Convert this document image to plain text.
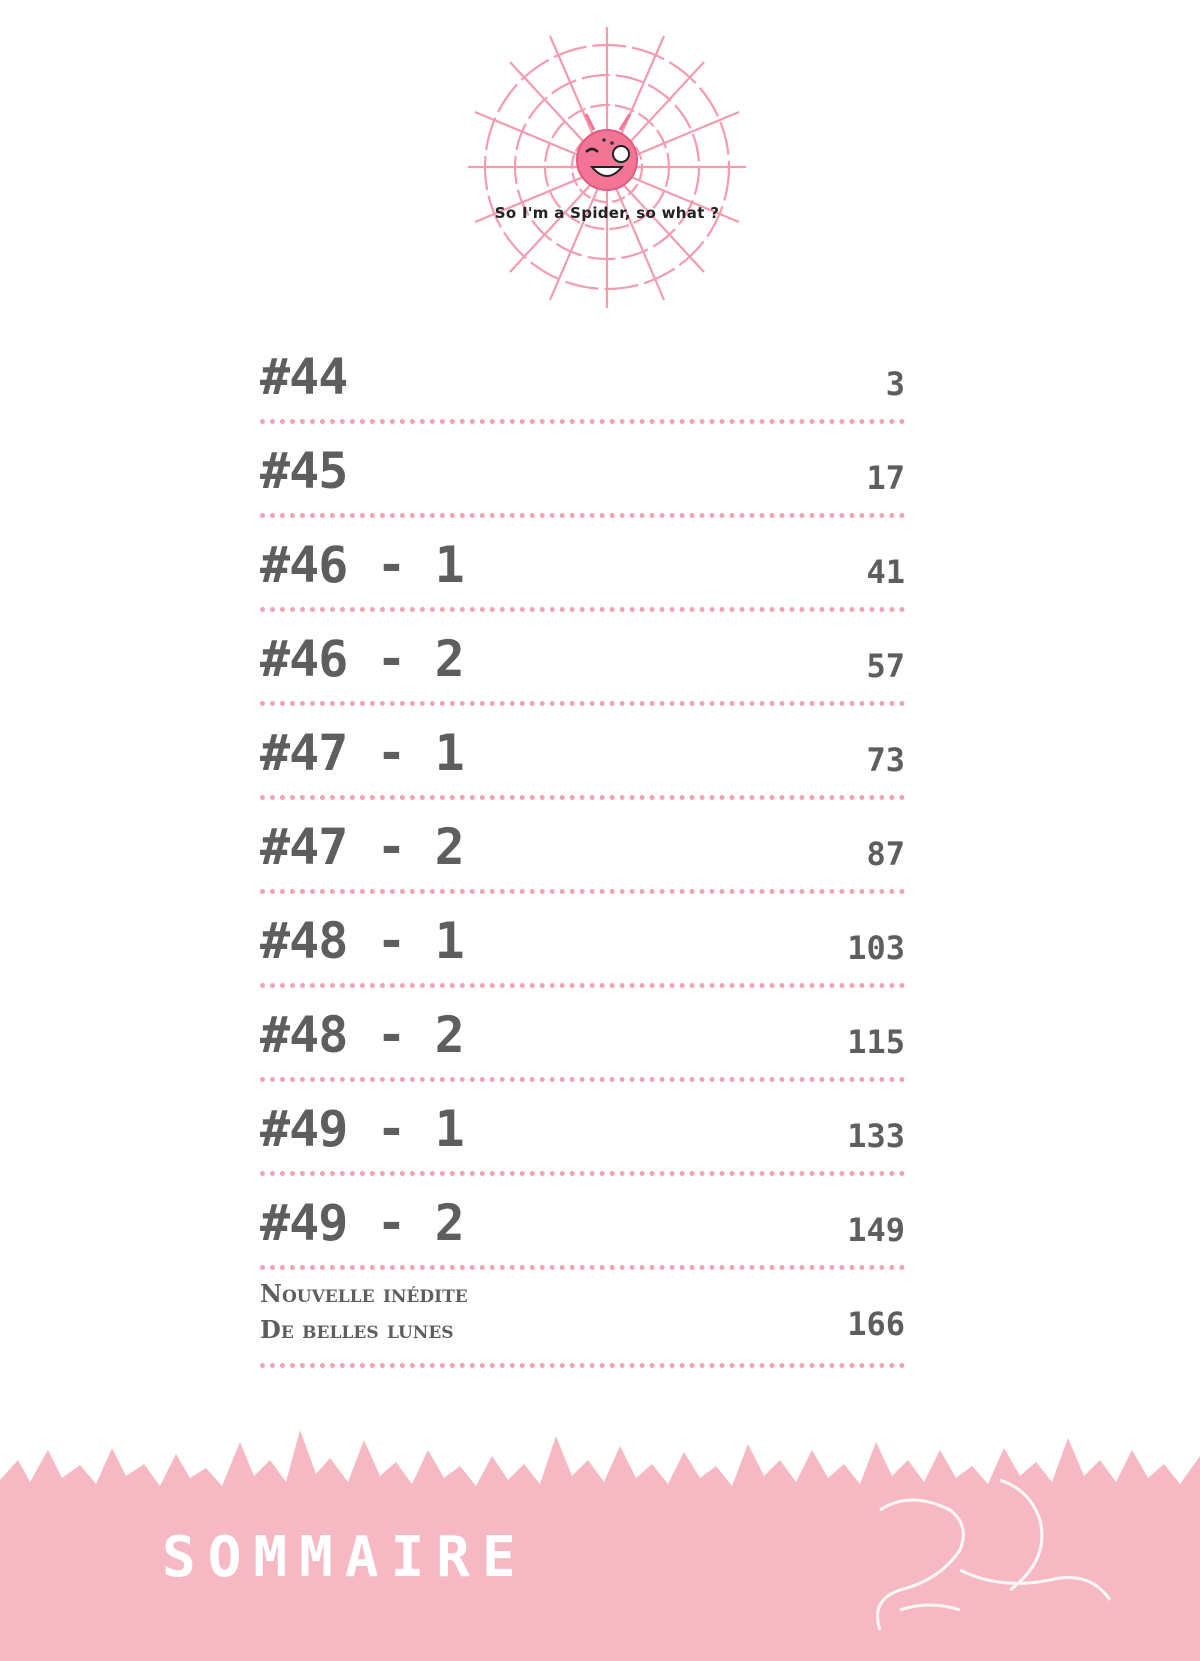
So I'm a Spider, so what ?
#44	3
#45	17
#46 - 1	41
#46 - 2	57
#47 - 1	73
#47 - 2	87
#48 - 1	103
#48 - 2	115
#49 - 1	133
#49 - 2	149
Nouvelle inédite
De belles lunes	166
SOMMAIRE
